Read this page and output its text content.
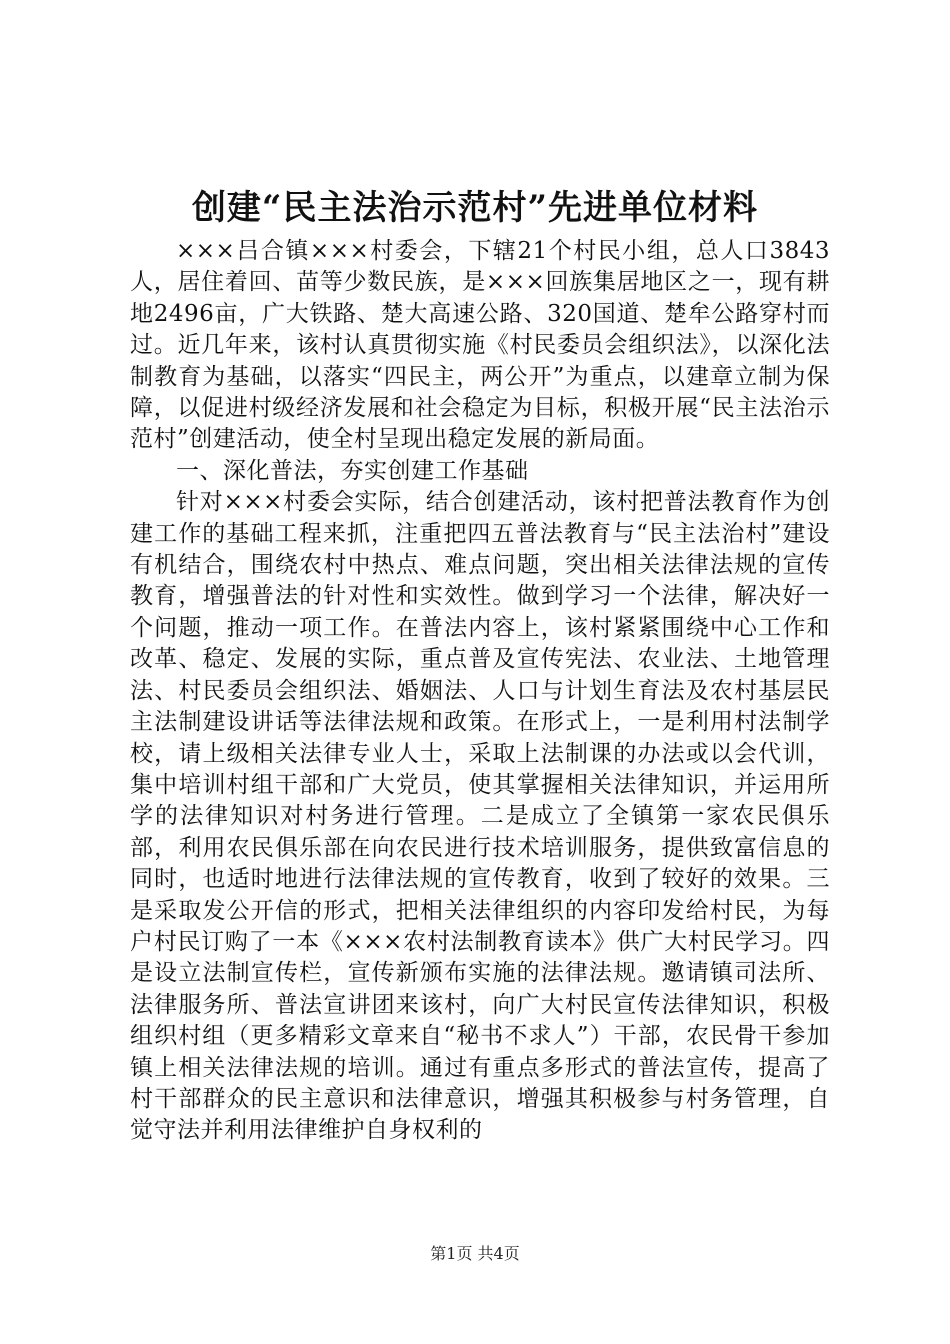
创建“民主法治示范村”先进单位材料

×××吕合镇×××村委会，下辖21个村民小组，总人口3843人，居住着回、苗等少数民族，是×××回族集居地区之一，现有耕地2496亩，广大铁路、楚大高速公路、320国道、楚牟公路穿村而过。近几年来，该村认真贯彻实施《村民委员会组织法》，以深化法制教育为基础，以落实“四民主，两公开”为重点，以建章立制为保障，以促进村级经济发展和社会稳定为目标，积极开展“民主法治示范村”创建活动，使全村呈现出稳定发展的新局面。

一、深化普法，夯实创建工作基础

针对×××村委会实际，结合创建活动，该村把普法教育作为创建工作的基础工程来抓，注重把四五普法教育与“民主法治村”建设有机结合，围绕农村中热点、难点问题，突出相关法律法规的宣传教育，增强普法的针对性和实效性。做到学习一个法律，解决好一个问题，推动一项工作。在普法内容上，该村紧紧围绕中心工作和改革、稳定、发展的实际，重点普及宣传宪法、农业法、土地管理法、村民委员会组织法、婚姻法、人口与计划生育法及农村基层民主法制建设讲话等法律法规和政策。在形式上，一是利用村法制学校，请上级相关法律专业人士，采取上法制课的办法或以会代训，集中培训村组干部和广大党员，使其掌握相关法律知识，并运用所学的法律知识对村务进行管理。二是成立了全镇第一家农民俱乐部，利用农民俱乐部在向农民进行技术培训服务，提供致富信息的同时，也适时地进行法律法规的宣传教育，收到了较好的效果。三是采取发公开信的形式，把相关法律组织的内容印发给村民，为每户村民订购了一本《×××农村法制教育读本》供广大村民学习。四是设立法制宣传栏，宣传新颁布实施的法律法规。邀请镇司法所、法律服务所、普法宣讲团来该村，向广大村民宣传法律知识，积极组织村组（更多精彩文章来自“秘书不求人”）干部，农民骨干参加镇上相关法律法规的培训。通过有重点多形式的普法宣传，提高了村干部群众的民主意识和法律意识，增强其积极参与村务管理，自觉守法并利用法律维护自身权利的

第1页 共4页
